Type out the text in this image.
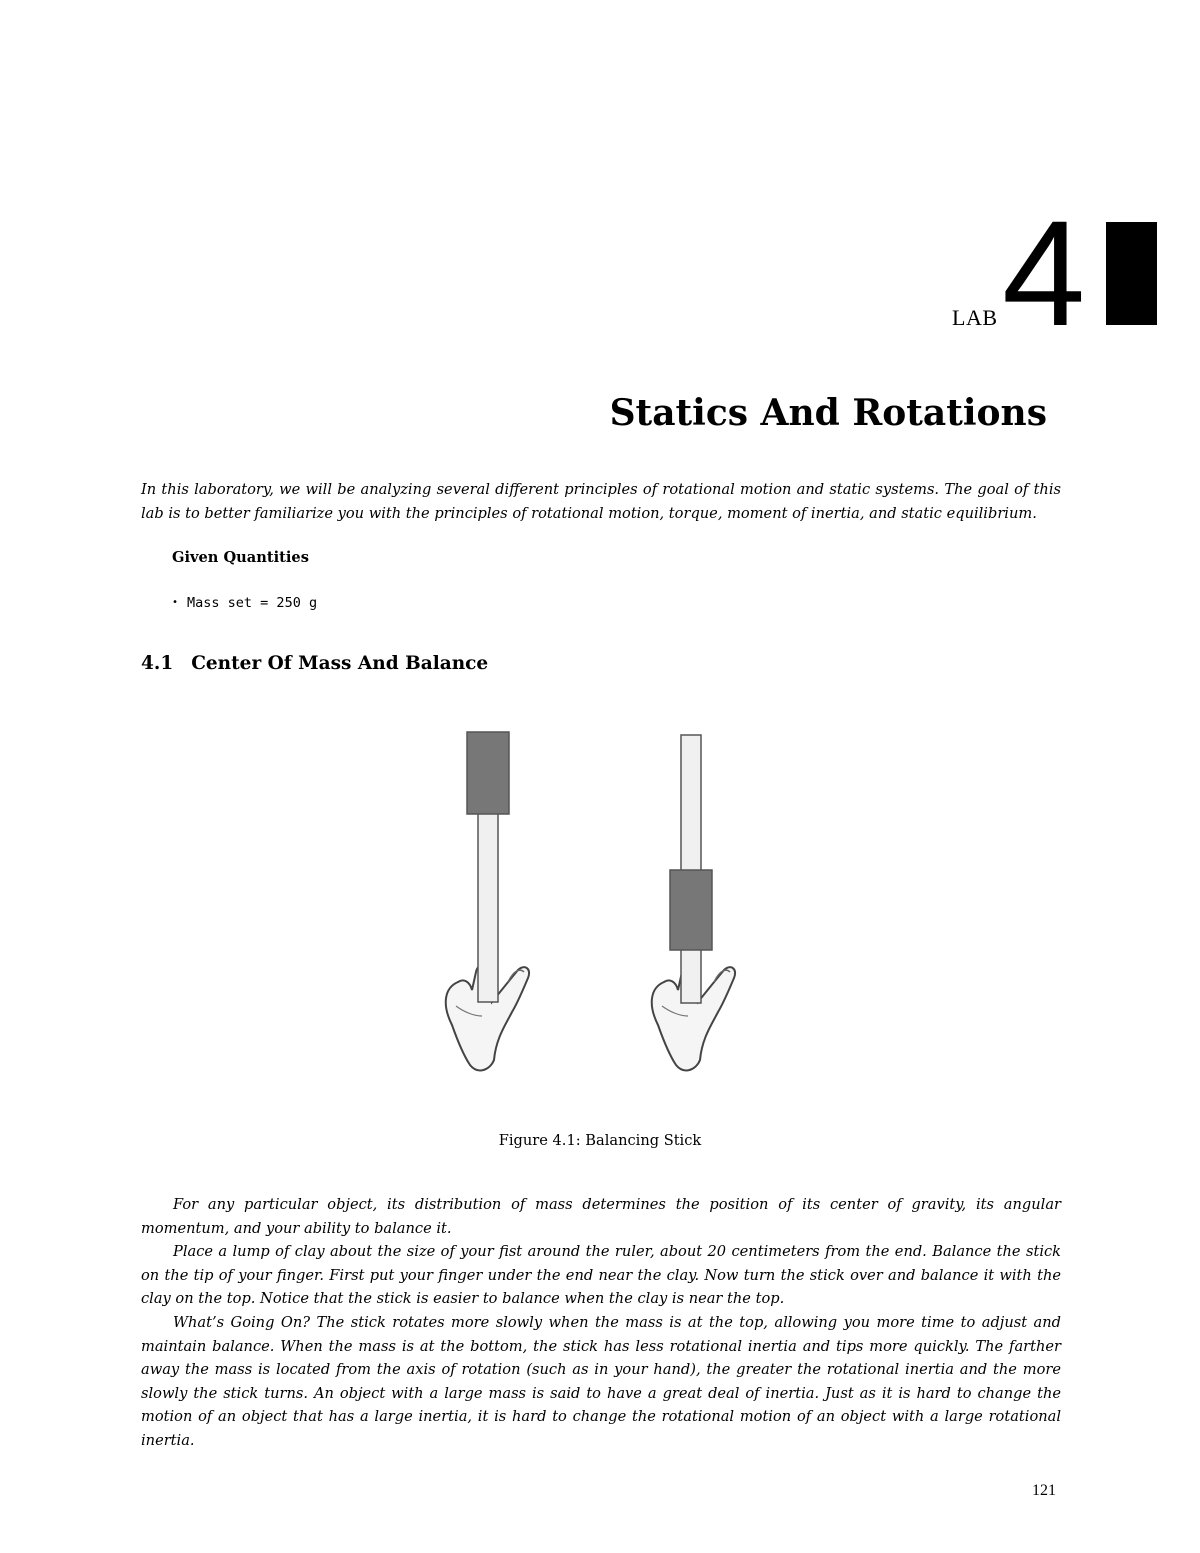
LAB 4
Statics And Rotations

In this laboratory, we will be analyzing several different principles of rotational motion and static systems. The goal of this lab is to better familiarize you with the principles of rotational motion, torque, moment of inertia, and static equilibrium.

Given Quantities

• Mass set = 250 g
4.1 Center Of Mass And Balance

Figure 4.1: Balancing Stick

For any particular object, its distribution of mass determines the position of its center of gravity, its angular momentum, and your ability to balance it.

Place a lump of clay about the size of your fist around the ruler, about 20 centimeters from the end. Balance the stick on the tip of your finger. First put your finger under the end near the clay. Now turn the stick over and balance it with the clay on the top. Notice that the stick is easier to balance when the clay is near the top.

What’s Going On? The stick rotates more slowly when the mass is at the top, allowing you more time to adjust and maintain balance. When the mass is at the bottom, the stick has less rotational inertia and tips more quickly. The farther away the mass is located from the axis of rotation (such as in your hand), the greater the rotational inertia and the more slowly the stick turns. An object with a large mass is said to have a great deal of inertia. Just as it is hard to change the motion of an object that has a large inertia, it is hard to change the rotational motion of an object with a large rotational inertia.

121
